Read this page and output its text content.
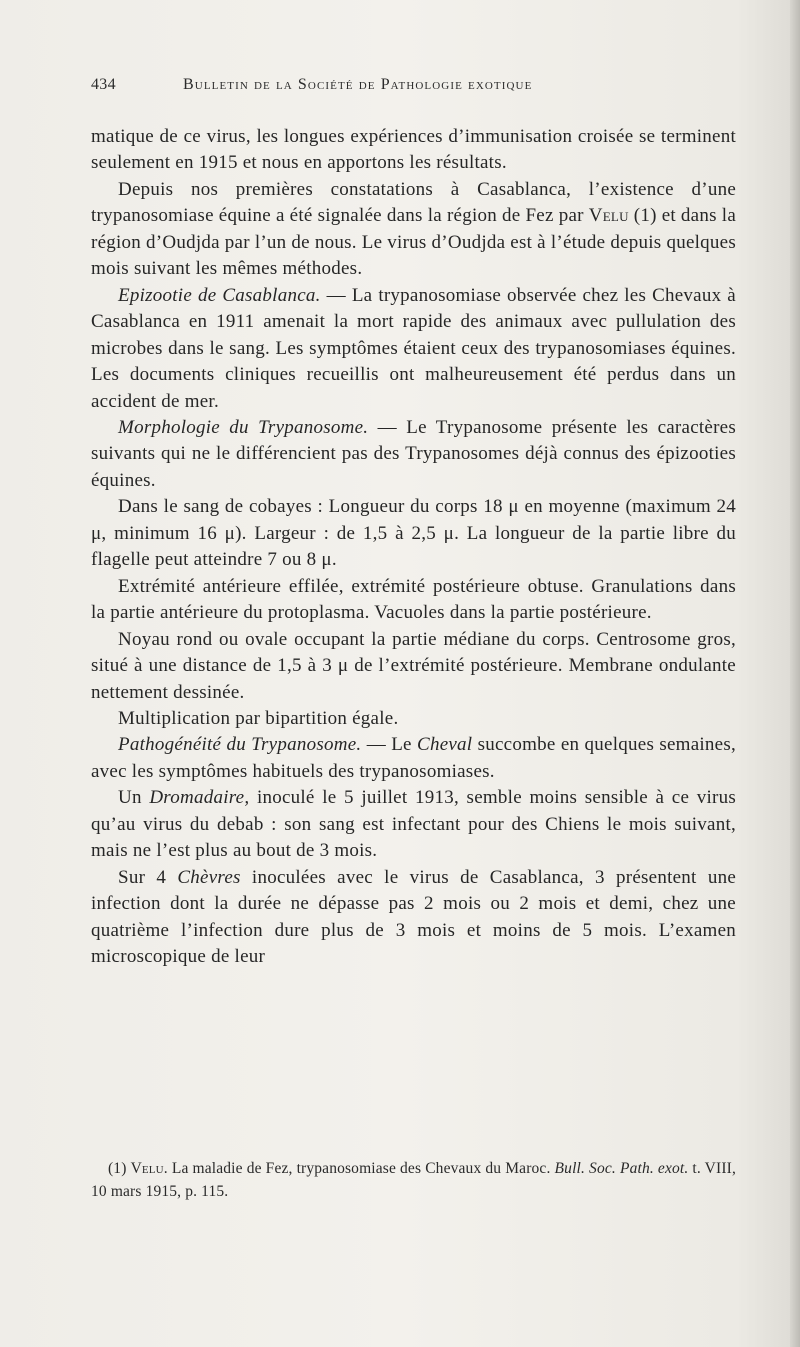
434	Bulletin de la Société de Pathologie exotique

matique de ce virus, les longues expériences d’immunisation croisée se terminent seulement en 1915 et nous en apportons les résultats.

Depuis nos premières constatations à Casablanca, l’existence d’une trypanosomiase équine a été signalée dans la région de Fez par Velu (1) et dans la région d’Oudjda par l’un de nous. Le virus d’Oudjda est à l’étude depuis quelques mois suivant les mêmes méthodes.

Epizootie de Casablanca. — La trypanosomiase observée chez les Chevaux à Casablanca en 1911 amenait la mort rapide des animaux avec pullulation des microbes dans le sang. Les symptômes étaient ceux des trypanosomiases équines. Les documents cliniques recueillis ont malheureusement été perdus dans un accident de mer.

Morphologie du Trypanosome. — Le Trypanosome présente les caractères suivants qui ne le différencient pas des Trypanosomes déjà connus des épizooties équines.

Dans le sang de cobayes : Longueur du corps 18 μ en moyenne (maximum 24 μ, minimum 16 μ). Largeur : de 1,5 à 2,5 μ. La longueur de la partie libre du flagelle peut atteindre 7 ou 8 μ.

Extrémité antérieure effilée, extrémité postérieure obtuse. Granulations dans la partie antérieure du protoplasma. Vacuoles dans la partie postérieure.

Noyau rond ou ovale occupant la partie médiane du corps. Centrosome gros, situé à une distance de 1,5 à 3 μ de l’extrémité postérieure. Membrane ondulante nettement dessinée.

Multiplication par bipartition égale.

Pathogénéité du Trypanosome. — Le Cheval succombe en quelques semaines, avec les symptômes habituels des trypanosomiases.

Un Dromadaire, inoculé le 5 juillet 1913, semble moins sensible à ce virus qu’au virus du debab : son sang est infectant pour des Chiens le mois suivant, mais ne l’est plus au bout de 3 mois.

Sur 4 Chèvres inoculées avec le virus de Casablanca, 3 présentent une infection dont la durée ne dépasse pas 2 mois ou 2 mois et demi, chez une quatrième l’infection dure plus de 3 mois et moins de 5 mois. L’examen microscopique de leur

(1) Velu. La maladie de Fez, trypanosomiase des Chevaux du Maroc. Bull. Soc. Path. exot. t. VIII, 10 mars 1915, p. 115.
